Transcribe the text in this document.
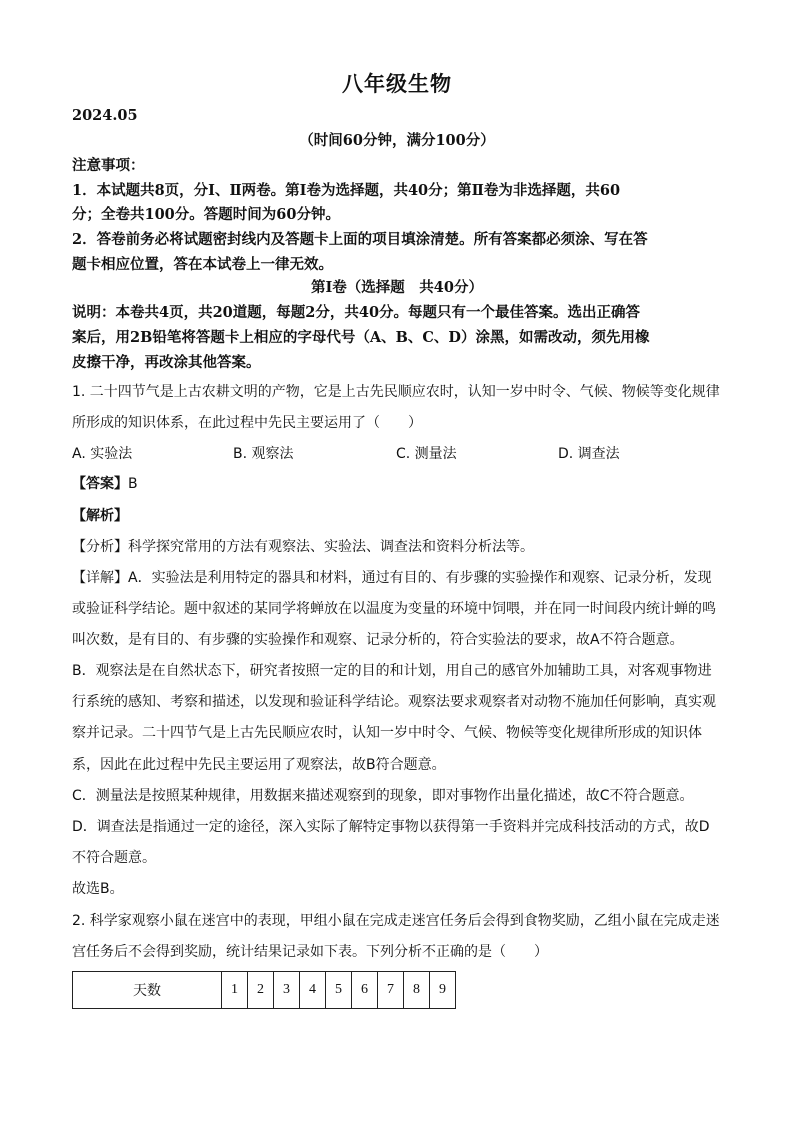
八年级生物
2024.05
（时间60分钟，满分100分）
注意事项：
1．本试题共8页，分Ⅰ、Ⅱ两卷。第Ⅰ卷为选择题，共40分；第Ⅱ卷为非选择题，共60
分；全卷共100分。答题时间为60分钟。
2．答卷前务必将试题密封线内及答题卡上面的项目填涂清楚。所有答案都必须涂、写在答
题卡相应位置，答在本试卷上一律无效。
第Ⅰ卷（选择题　共40分）
说明：本卷共4页，共20道题，每题2分，共40分。每题只有一个最佳答案。选出正确答
案后，用2B铅笔将答题卡上相应的字母代号（A、B、C、D）涂黑，如需改动，须先用橡
皮擦干净，再改涂其他答案。
1. 二十四节气是上古农耕文明的产物，它是上古先民顺应农时，认知一岁中时令、气候、物候等变化规律
所形成的知识体系，在此过程中先民主要运用了（　　）
A. 实验法	B. 观察法	C. 测量法	D. 调查法
【答案】B
【解析】
【分析】科学探究常用的方法有观察法、实验法、调查法和资料分析法等。
【详解】A．实验法是利用特定的器具和材料，通过有目的、有步骤的实验操作和观察、记录分析，发现
或验证科学结论。题中叙述的某同学将蝉放在以温度为变量的环境中饲喂，并在同一时间段内统计蝉的鸣
叫次数，是有目的、有步骤的实验操作和观察、记录分析的，符合实验法的要求，故A不符合题意。
B．观察法是在自然状态下，研究者按照一定的目的和计划，用自己的感官外加辅助工具，对客观事物进
行系统的感知、考察和描述，以发现和验证科学结论。观察法要求观察者对动物不施加任何影响，真实观
察并记录。二十四节气是上古先民顺应农时，认知一岁中时令、气候、物候等变化规律所形成的知识体
系，因此在此过程中先民主要运用了观察法，故B符合题意。
C．测量法是按照某种规律，用数据来描述观察到的现象，即对事物作出量化描述，故C不符合题意。
D．调查法是指通过一定的途径，深入实际了解特定事物以获得第一手资料并完成科技活动的方式，故D
不符合题意。
故选B。
2. 科学家观察小鼠在迷宫中的表现，甲组小鼠在完成走迷宫任务后会得到食物奖励，乙组小鼠在完成走迷
宫任务后不会得到奖励，统计结果记录如下表。下列分析不正确的是（　　）
天数	1	2	3	4	5	6	7	8	9
